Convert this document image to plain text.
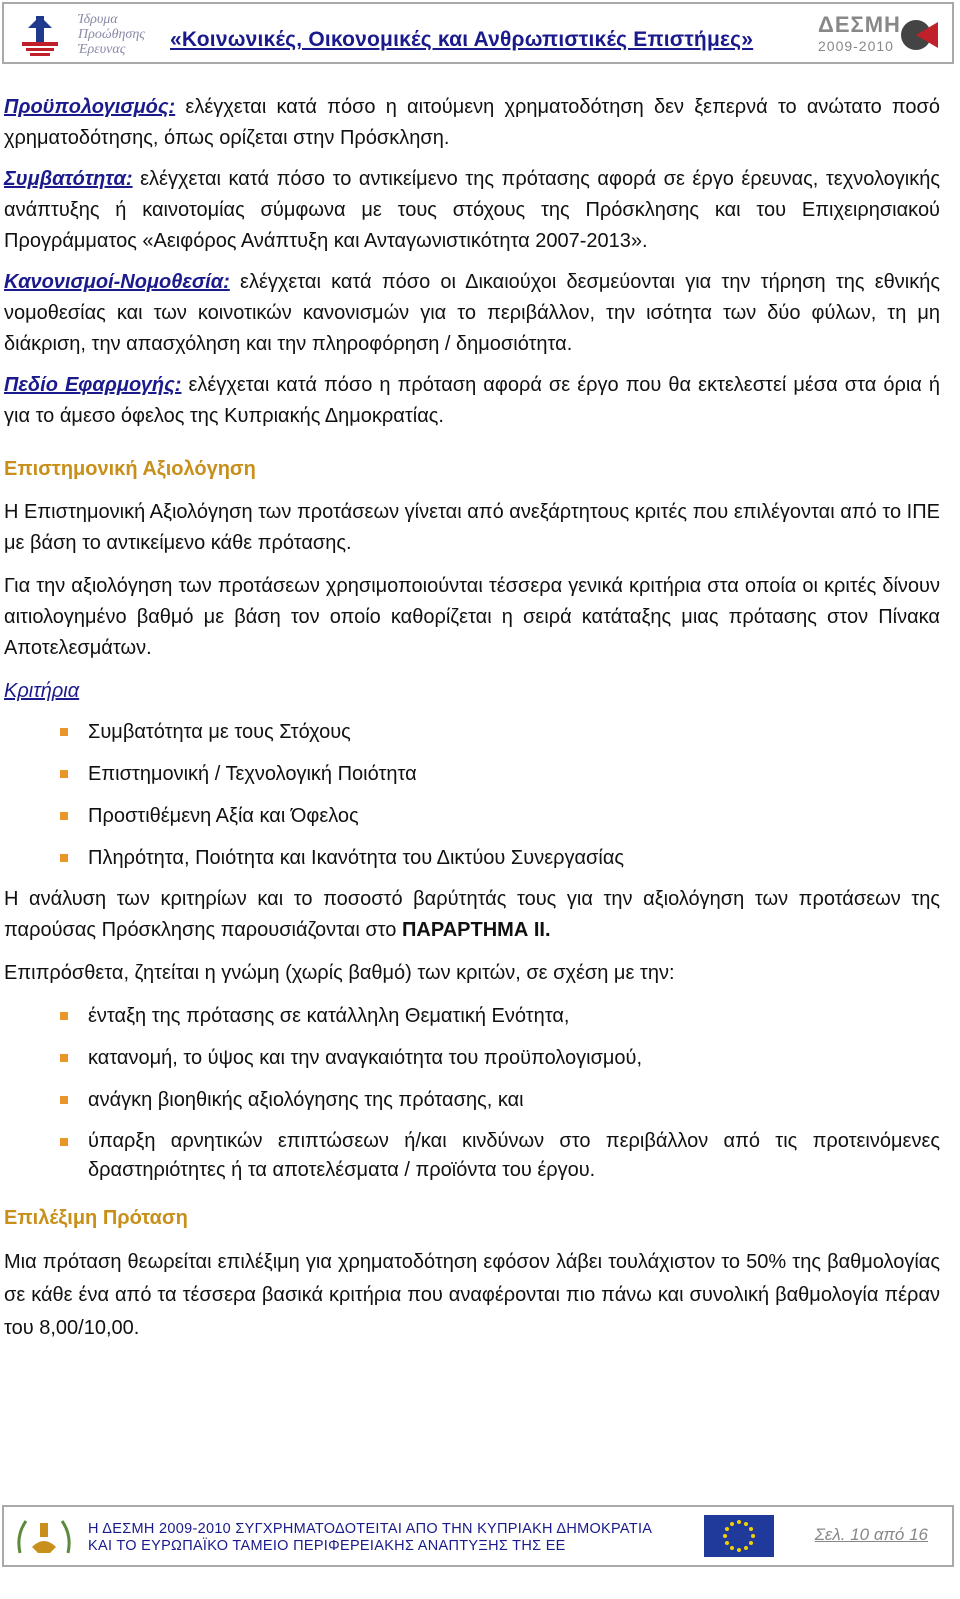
Ίδρυμα
Προώθησης
Έρευνας	«Κοινωνικές, Οικονομικές και Ανθρωπιστικές Επιστήμες»
ΔΕΣΜΗ
2009-2010

Προϋπολογισμός: ελέγχεται κατά πόσο η αιτούμενη χρηματοδότηση δεν ξεπερνά το ανώτατο ποσό χρηματοδότησης, όπως ορίζεται στην Πρόσκληση.

Συμβατότητα: ελέγχεται κατά πόσο το αντικείμενο της πρότασης αφορά σε έργο έρευνας, τεχνολογικής ανάπτυξης ή καινοτομίας σύμφωνα με τους στόχους της Πρόσκλησης και του Επιχειρησιακού Προγράμματος «Αειφόρος Ανάπτυξη και Ανταγωνιστικότητα 2007-2013».

Κανονισμοί-Νομοθεσία: ελέγχεται κατά πόσο οι Δικαιούχοι δεσμεύονται για την τήρηση της εθνικής νομοθεσίας και των κοινοτικών κανονισμών για το περιβάλλον, την ισότητα των δύο φύλων, τη μη διάκριση, την απασχόληση και την πληροφόρηση / δημοσιότητα.

Πεδίο Εφαρμογής: ελέγχεται κατά πόσο η πρόταση αφορά σε έργο που θα εκτελεστεί μέσα στα όρια ή για το άμεσο όφελος της Κυπριακής Δημοκρατίας.

Επιστημονική Αξιολόγηση

Η Επιστημονική Αξιολόγηση των προτάσεων γίνεται από ανεξάρτητους κριτές που επιλέγονται από το ΙΠΕ με βάση το αντικείμενο κάθε πρότασης.

Για την αξιολόγηση των προτάσεων χρησιμοποιούνται τέσσερα γενικά κριτήρια στα οποία οι κριτές δίνουν αιτιολογημένο βαθμό με βάση τον οποίο καθορίζεται η σειρά κατάταξης μιας πρότασης στον Πίνακα Αποτελεσμάτων.

Κριτήρια
Συμβατότητα με τους Στόχους
Επιστημονική / Τεχνολογική Ποιότητα
Προστιθέμενη Αξία και Όφελος
Πληρότητα, Ποιότητα και Ικανότητα του Δικτύου Συνεργασίας

Η ανάλυση των κριτηρίων και το ποσοστό βαρύτητάς τους για την αξιολόγηση των προτάσεων της παρούσας Πρόσκλησης παρουσιάζονται στο ΠΑΡΑΡΤΗΜΑ ΙΙ.

Επιπρόσθετα, ζητείται η γνώμη (χωρίς βαθμό) των κριτών, σε σχέση με την:

ένταξη της πρότασης σε κατάλληλη Θεματική Ενότητα,
κατανομή, το ύψος και την αναγκαιότητα του προϋπολογισμού,
ανάγκη βιοηθικής αξιολόγησης της πρότασης, και
ύπαρξη αρνητικών επιπτώσεων ή/και κινδύνων στο περιβάλλον από τις προτεινόμενες δραστηριότητες ή τα αποτελέσματα / προϊόντα του έργου.
Επιλέξιμη Πρόταση

Μια πρόταση θεωρείται επιλέξιμη για χρηματοδότηση εφόσον λάβει τουλάχιστον το 50% της βαθμολογίας σε κάθε ένα από τα τέσσερα βασικά κριτήρια που αναφέρονται πιο πάνω και συνολική βαθμολογία πέραν του 8,00/10,00.

Η ΔΕΣΜΗ 2009-2010 ΣΥΓΧΡΗΜΑΤΟΔΟΤΕΙΤΑΙ ΑΠΟ ΤΗΝ ΚΥΠΡΙΑΚΗ ΔΗΜΟΚΡΑΤΙΑ
ΚΑΙ ΤΟ ΕΥΡΩΠΑΪΚΟ ΤΑΜΕΙΟ ΠΕΡΙΦΕΡΕΙΑΚΗΣ ΑΝΑΠΤΥΞΗΣ ΤΗΣ ΕΕ
Σελ. 10 από 16
